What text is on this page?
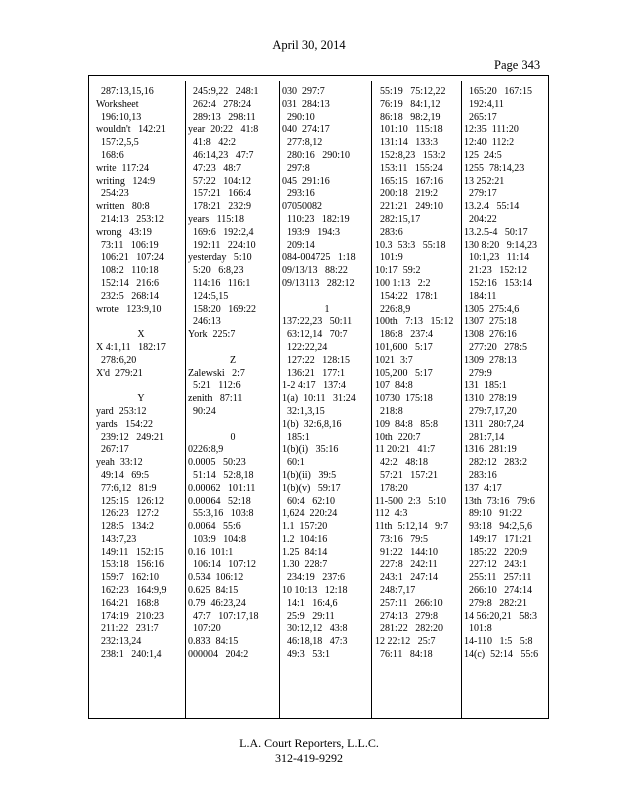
April 30, 2014
Page 343
287:13,15,16
Worksheet
196:10,13
wouldn't   142:21
157:2,5,5
168:6
write  117:24
writing   124:9
254:23
written   80:8
214:13   253:12
wrong   43:19
73:11   106:19
106:21   107:24
108:2   110:18
152:14   216:6
232:5   268:14
wrote   123:9,10

X
X 4:1,11   182:17
278:6,20
X'd  279:21

Y
yard  253:12
yards   154:22
239:12   249:21
267:17
yeah  33:12
49:14   69:5
77:6,12   81:9
125:15   126:12
126:23   127:2
128:5   134:2
143:7,23
149:11   152:15
153:18   156:16
159:7   162:10
162:23   164:9,9
164:21   168:8
174:19   210:23
211:22   231:7
232:13,24
238:1   240:1,4
245:9,22   248:1
262:4   278:24
289:13   298:11
year  20:22   41:8
41:8   42:2
46:14,23   47:7
47:23   48:7
57:22   104:12
157:21   166:4
178:21   232:9
years   115:18
169:6   192:2,4
192:11   224:10
yesterday   5:10
5:20   6:8,23
114:16   116:1
124:5,15
158:20   169:22
246:13
York  225:7

Z
Zalewski   2:7
5:21   112:6
zenith   87:11
90:24

0
0226:8,9
0.0005   50:23
51:14   52:8,18
0.00062   101:11
0.00064   52:18
55:3,16   103:8
0.0064   55:6
103:9   104:8
0.16  101:1
106:14   107:12
0.534  106:12
0.625  84:15
0.79  46:23,24
47:7   107:17,18
107:20
0.833  84:15
000004   204:2
030  297:7
031  284:13
290:10
040  274:17
277:8,12
280:16   290:10
297:8
045  291:16
293:16
07050082
110:23   182:19
193:9   194:3
209:14
084-004725   1:18
09/13/13   88:22
09/13113   282:12

1
137:22,23   50:11
63:12,14   70:7
122:22,24
127:22   128:15
136:21   177:1
1-2 4:17   137:4
1(a)  10:11   31:24
32:1,3,15
1(b)  32:6,8,16
185:1
1(b)(i)   35:16
60:1
1(b)(ii)   39:5
1(b)(v)   59:17
60:4   62:10
1,624  220:24
1.1  157:20
1.2  104:16
1.25  84:14
1.30  228:7
234:19   237:6
10 10:13   12:18
14:1   16:4,6
25:9   29:11
30:12,12   43:8
46:18,18   47:3
49:3   53:1
55:19   75:12,22
76:19   84:1,12
86:18   98:2,19
101:10   115:18
131:14   133:3
152:8,23   153:2
153:11   155:24
165:15   167:16
200:18   219:2
221:21   249:10
282:15,17
283:6
10.3  53:3   55:18
101:9
10:17  59:2
100 1:13   2:2
154:22   178:1
226:8,9
100th   7:13   15:12
186:8   237:4
101,600   5:17
1021  3:7
105,200   5:17
107  84:8
10730  175:18
218:8
109  84:8   85:8
10th  220:7
11 20:21   41:7
42:2   48:18
57:21   157:21
178:20
11-500  2:3   5:10
112  4:3
11th  5:12,14   9:7
73:16   79:5
91:22   144:10
227:8   242:11
243:1   247:14
248:7,17
257:11   266:10
274:13   279:8
281:22   282:20
12 22:12   25:7
76:11   84:18
165:20   167:15
192:4,11
265:17
12:35  111:20
12:40  112:2
125  24:5
1255  78:14,23
13 252:21
279:17
13.2.4   55:14
204:22
13.2.5-4   50:17
130 8:20   9:14,23
10:1,23   11:14
21:23   152:12
152:16   153:14
184:11
1305  275:4,6
1307  275:18
1308  276:16
277:20   278:5
1309  278:13
279:9
131  185:1
1310  278:19
279:7,17,20
1311  280:7,24
281:7,14
1316  281:19
282:12   283:2
283:16
137  4:17
13th  73:16   79:6
89:10   91:22
93:18   94:2,5,6
149:17   171:21
185:22   220:9
227:12   243:1
255:11   257:11
266:10   274:14
279:8   282:21
14 56:20,21   58:3
101:8
14-110   1:5   5:8
14(c)  52:14   55:6
L.A. Court Reporters, L.L.C.
312-419-9292
